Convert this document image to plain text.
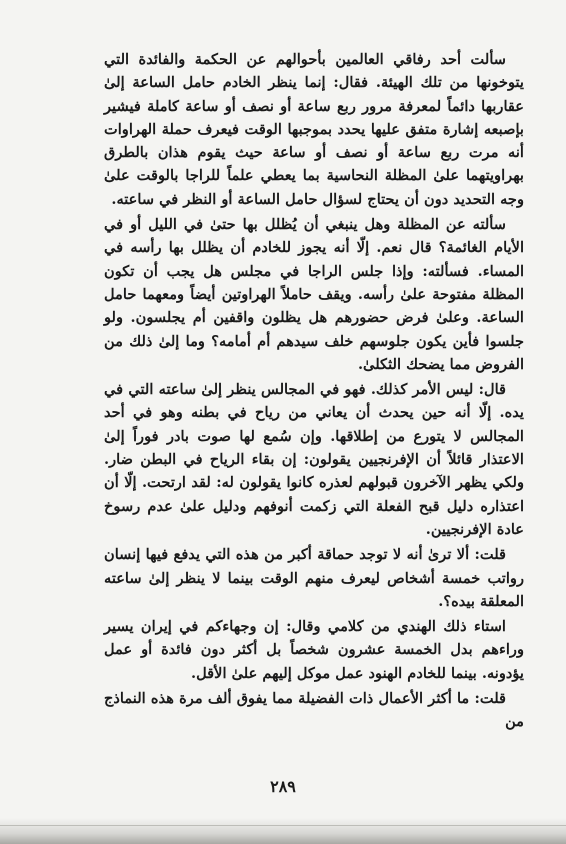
سألت أحد رفاقي العالمين بأحوالهم عن الحكمة والفائدة التي يتوخونها من تلك الهيئة. فقال: إنما ينظر الخادم حامل الساعة إلىٰ عقاربها دائماً لمعرفة مرور ربع ساعة أو نصف أو ساعة كاملة فيشير بإصبعه إشارة متفق عليها يحدد بموجبها الوقت فيعرف حملة الهراوات أنه مرت ربع ساعة أو نصف أو ساعة حيث يقوم هذان بالطرق بهراويتهما علىٰ المظلة النحاسية بما يعطي علماً للراجا بالوقت علىٰ وجه التحديد دون أن يحتاج لسؤال حامل الساعة أو النظر في ساعته.

سألته عن المظلة وهل ينبغي أن يُظلل بها حتىٰ في الليل أو في الأيام الغائمة؟ قال نعم. إلّا أنه يجوز للخادم أن يظلل بها رأسه في المساء. فسألته: وإذا جلس الراجا في مجلس هل يجب أن تكون المظلة مفتوحة علىٰ رأسه. ويقف حاملاً الهراوتين أيضاً ومعهما حامل الساعة. وعلىٰ فرض حضورهم هل يظلون واقفين أم يجلسون. ولو جلسوا فأين يكون جلوسهم خلف سيدهم أم أمامه؟ وما إلىٰ ذلك من الفروض مما يضحك الثكلىٰ.

قال: ليس الأمر كذلك. فهو في المجالس ينظر إلىٰ ساعته التي في يده. إلّا أنه حين يحدث أن يعاني من رياح في بطنه وهو في أحد المجالس لا يتورع من إطلاقها. وإن سُمع لها صوت بادر فوراً إلىٰ الاعتذار قائلاً أن الإفرنجيين يقولون: إن بقاء الرياح في البطن ضار. ولكي يظهر الآخرون قبولهم لعذره كانوا يقولون له: لقد ارتحت. إلّا أن اعتذاره دليل قبح الفعلة التي زكمت أنوفهم ودليل علىٰ عدم رسوخ عادة الإفرنجيين.

قلت: ألا ترىٰ أنه لا توجد حماقة أكبر من هذه التي يدفع فيها إنسان رواتب خمسة أشخاص ليعرف منهم الوقت بينما لا ينظر إلىٰ ساعته المعلقة بيده؟.

استاء ذلك الهندي من كلامي وقال: إن وجهاءكم في إيران يسير وراءهم بدل الخمسة عشرون شخصاً بل أكثر دون فائدة أو عمل يؤدونه. بينما للخادم الهنود عمل موكل إليهم علىٰ الأقل.

قلت: ما أكثر الأعمال ذات الفضيلة مما يفوق ألف مرة هذه النماذج من

٢٨٩
